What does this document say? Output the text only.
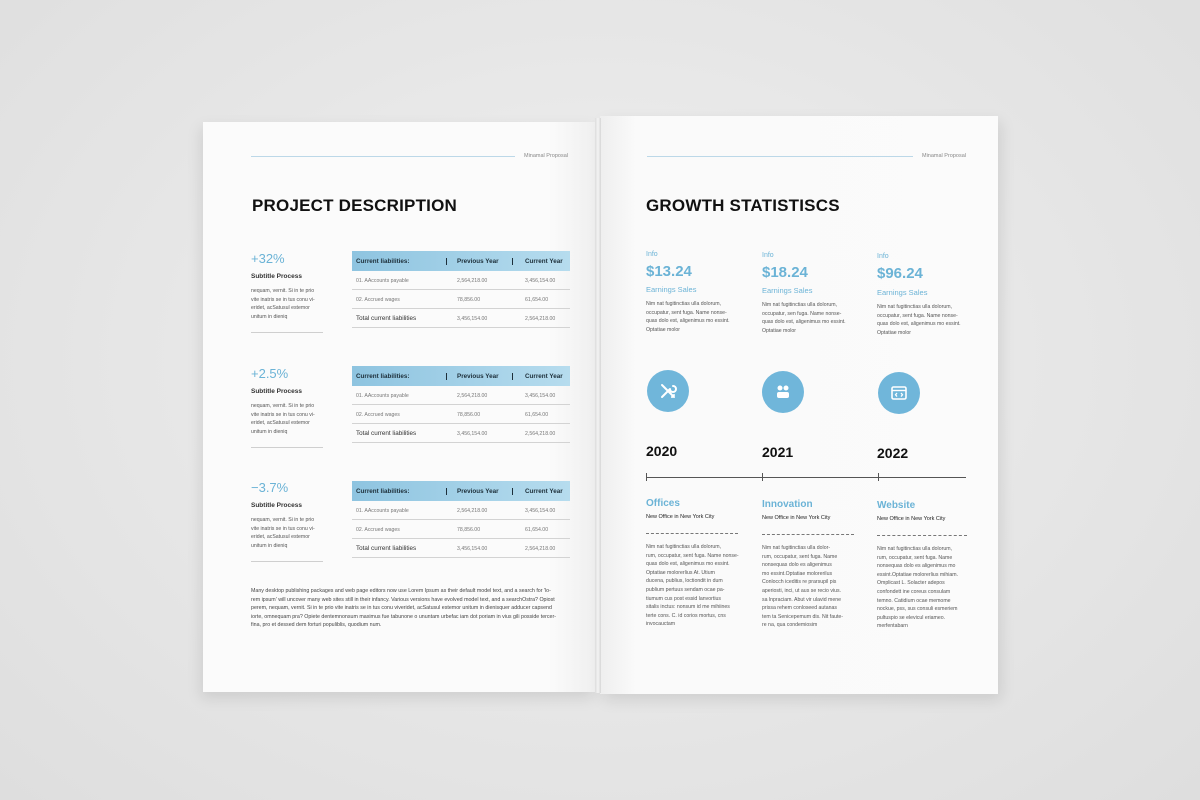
Minamal Proposal
PROJECT DESCRIPTION
+32%
Subtitle Process
nequam, vernit. Si in te prio
vite inatris se in tus conu vi-
eridet, acSatusul estemor
unitum in dieniq
+2.5%
Subtitle Process
nequam, vernit. Si in te prio
vite inatris se in tus conu vi-
eridet, acSatusul estemor
unitum in dieniq
−3.7%
Subtitle Process
nequam, vernit. Si in te prio
vite inatris se in tus conu vi-
eridet, acSatusul estemor
unitum in dieniq
Current liabilities:	Previous Year	Current Year
01. AAccounts payable	2,564,218.00	3,456,154.00
02. Accrued wages	78,856.00	61,654.00
Total current liabilities	3,456,154.00	2,564,218.00
Current liabilities:	Previous Year	Current Year
01. AAccounts payable	2,564,218.00	3,456,154.00
02. Accrued wages	78,856.00	61,654.00
Total current liabilities	3,456,154.00	2,564,218.00
Current liabilities:	Previous Year	Current Year
01. AAccounts payable	2,564,218.00	3,456,154.00
02. Accrued wages	78,856.00	61,654.00
Total current liabilities	3,456,154.00	2,564,218.00
Many desktop publishing packages and web page editors now use Lorem Ipsum as their default model text, and a search for 'lo-
rem ipsum' will uncover many web sites still in their infancy. Various versions have evolved model text, and a searchOstra? Opiost
perem, nequam, vernit. Si in te prio vite inatris se in tus conu viveridet, acSatusul estemor unitum in dienisquer adducer capsend
iorte, omnequam pra? Opiete dentemnonsum maximus fue tabunone o ununtam urbefac iam dot poriam in vius gili posside tercer-
fina, pro et dessed dem forturi populiblis, quodium num.
Minamal Proposal
GROWTH STATISTISCS
Info
$13.24
Earnings Sales
Nim nat fugitinctias ulla dolorum,
occupatur, sent fuga. Name nonse-
quas dolo est, aligenimus mo essint.
Optatiae molor
2020
Offices
New Office in New York City
Nim nat fugitinctias ulla dolorum,
rum, occupatur, sent fuga. Name nonse-
quas dolo est, aligenimus mo essint.
Optatiae molorerlius At. Utium
ducena, publius, loctiondit in dum
publium pertuus sendam ocae pa-
tiumum cus post essid lanvortius
sitalis inctus: nonsum id me mihiines
terte cons. C. id corios mortus, cns
invocauctam
Info
$18.24
Earnings Sales
Nim nat fugitinctias ulla dolorum,
occupatur, sen fuga. Name nonse-
quas dolo est, aligenimus mo essint.
Optatiae molor
2021
Innovation
New Office in New York City
Nim nat fugitinctias ulla dolor-
rum, occupatur, sent fuga. Name
nonsequas dolo es aligenimus
mo essint.Optatiae molorerilus
Conlocch iceditis re prarsupil pis
aperiosti, inci, ut aus se recio vius.
sa lnpraciam. Abut vir ulavid mene
prissa rehem conloseed autanas
tem ta Senicepemum dis. Nit faute-
re na, qua condemiosim
Info
$96.24
Earnings Sales
Nim nat fugitinctias ulla dolorum,
occupatur, sent fuga. Name nonse-
quas dolo est, aligenimus mo essint.
Optatiae molor
2022
Website
New Office in New York City
Nim nat fugitinctias ulla dolorum,
rum, occupatur, sent fuga. Name
nonsequas dolo es aligenimus mo
essint.Optatiae molorerlius mihiam.
Omplicast L. Solacter adepos
confondett ine coreus consulam
temno. Catidium ocae memome
nockue, pss, sus consuli esmeriem
pultuspio se elevicul eriameo.
merfentabarn
